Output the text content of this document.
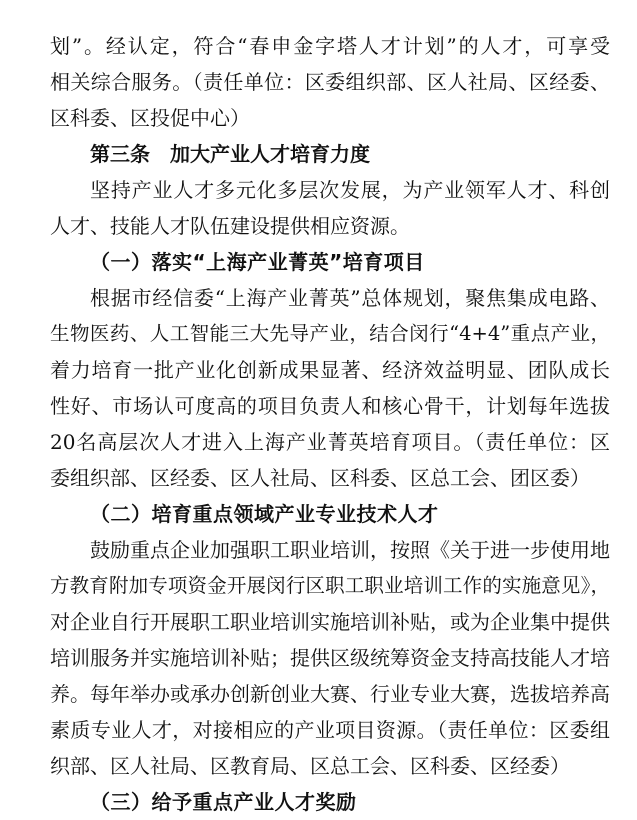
划”。经认定，符合“春申金字塔人才计划”的人才，可享受
相关综合服务。（责任单位：区委组织部、区人社局、区经委、
区科委、区投促中心）
第三条　加大产业人才培育力度
坚持产业人才多元化多层次发展，为产业领军人才、科创
人才、技能人才队伍建设提供相应资源。
（一）落实“上海产业菁英”培育项目
根据市经信委“上海产业菁英”总体规划，聚焦集成电路、
生物医药、人工智能三大先导产业，结合闵行“4+4”重点产业，
着力培育一批产业化创新成果显著、经济效益明显、团队成长
性好、市场认可度高的项目负责人和核心骨干，计划每年选拔
20名高层次人才进入上海产业菁英培育项目。（责任单位：区
委组织部、区经委、区人社局、区科委、区总工会、团区委）
（二）培育重点领域产业专业技术人才
鼓励重点企业加强职工职业培训，按照《关于进一步使用地
方教育附加专项资金开展闵行区职工职业培训工作的实施意见》，
对企业自行开展职工职业培训实施培训补贴，或为企业集中提供
培训服务并实施培训补贴；提供区级统筹资金支持高技能人才培
养。每年举办或承办创新创业大赛、行业专业大赛，选拔培养高
素质专业人才，对接相应的产业项目资源。（责任单位：区委组
织部、区人社局、区教育局、区总工会、区科委、区经委）
（三）给予重点产业人才奖励
